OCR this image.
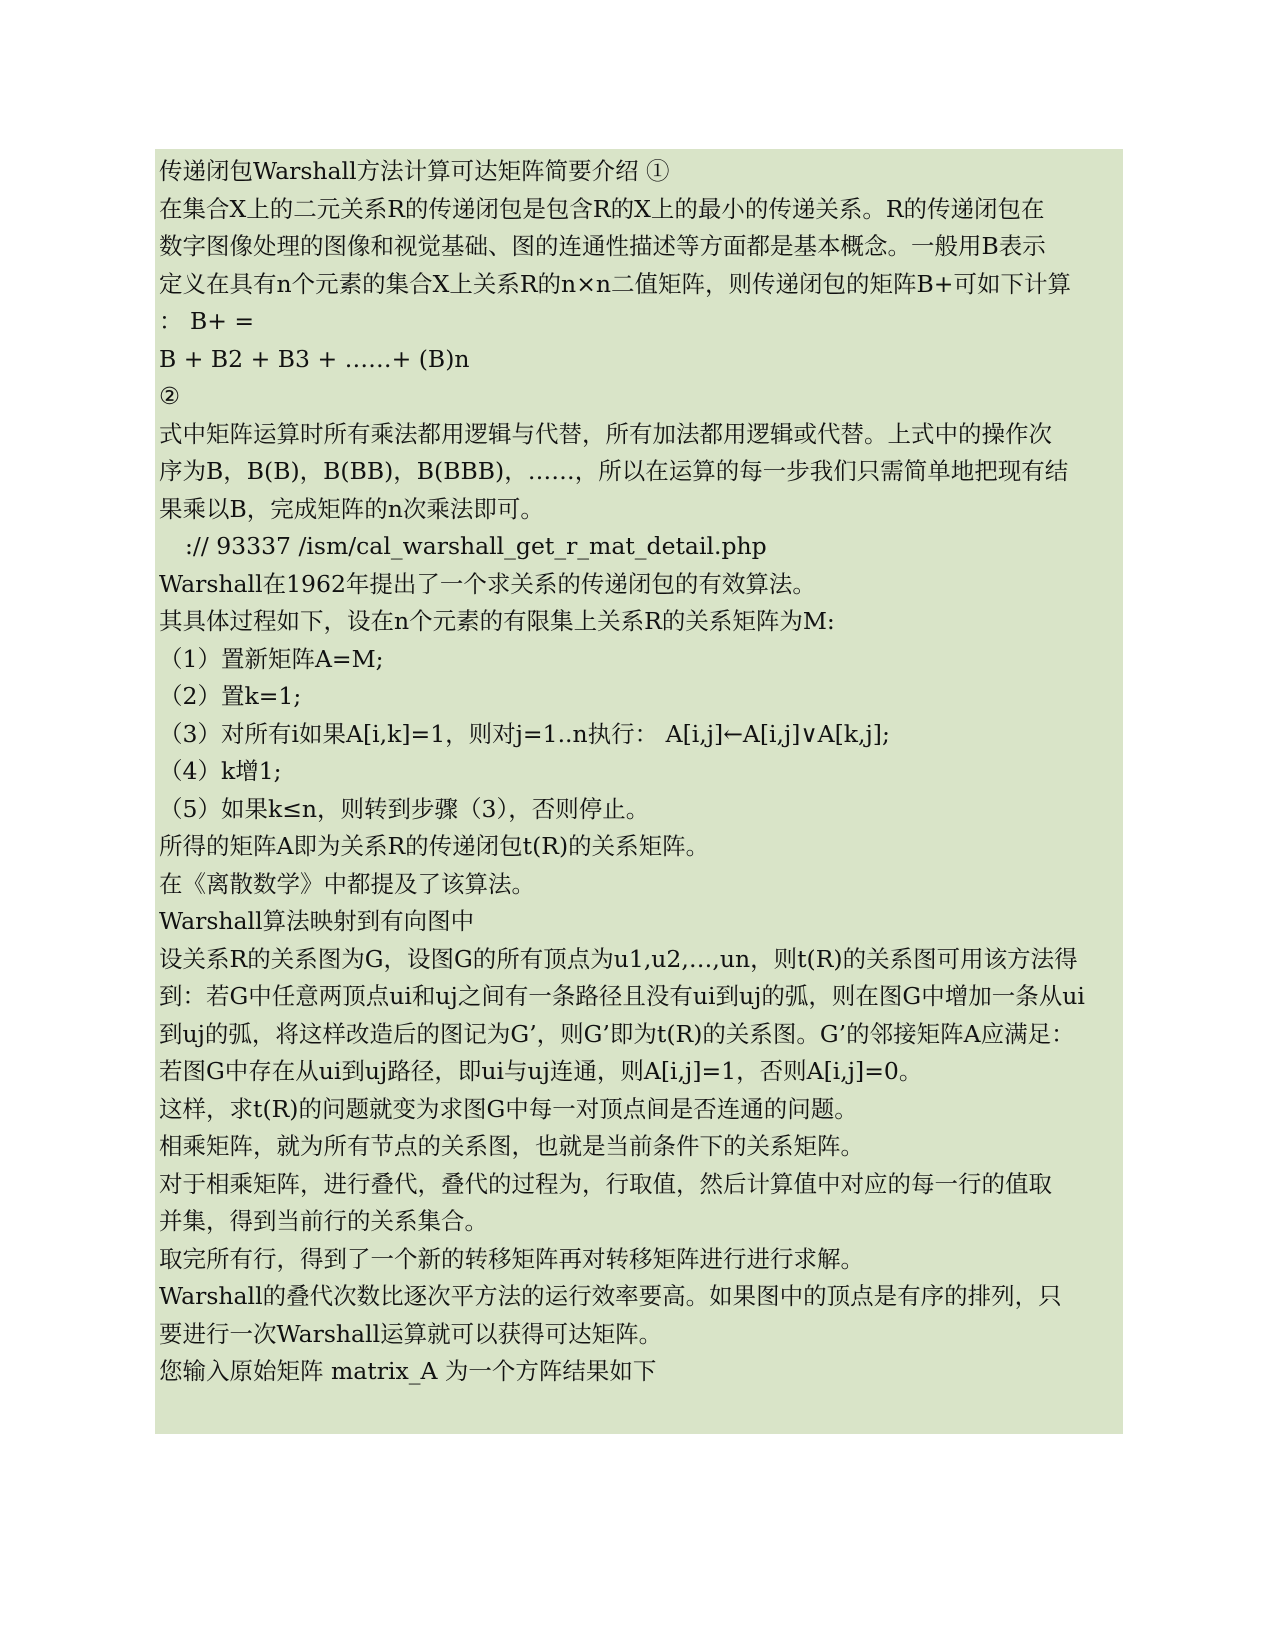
传递闭包Warshall方法计算可达矩阵简要介绍 ①
在集合X上的二元关系R的传递闭包是包含R的X上的最小的传递关系。R的传递闭包在
数字图像处理的图像和视觉基础、图的连通性描述等方面都是基本概念。一般用B表示
定义在具有n个元素的集合X上关系R的n×n二值矩阵，则传递闭包的矩阵B+可如下计算
： B+ =
B + B2 + B3 + ……+ (B)n
②
式中矩阵运算时所有乘法都用逻辑与代替，所有加法都用逻辑或代替。上式中的操作次
序为B，B(B)，B(BB)，B(BBB)，……，所以在运算的每一步我们只需简单地把现有结
果乘以B，完成矩阵的n次乘法即可。
:// 93337 /ism/cal_warshall_get_r_mat_detail.php
Warshall在1962年提出了一个求关系的传递闭包的有效算法。
其具体过程如下，设在n个元素的有限集上关系R的关系矩阵为M:
（1）置新矩阵A=M;
（2）置k=1;
（3）对所有i如果A[i,k]=1，则对j=1..n执行： A[i,j]←A[i,j]∨A[k,j];
（4）k增1;
（5）如果k≤n，则转到步骤（3），否则停止。
所得的矩阵A即为关系R的传递闭包t(R)的关系矩阵。
在《离散数学》中都提及了该算法。
Warshall算法映射到有向图中
设关系R的关系图为G，设图G的所有顶点为u1,u2,…,un，则t(R)的关系图可用该方法得
到：若G中任意两顶点ui和uj之间有一条路径且没有ui到uj的弧，则在图G中增加一条从ui
到uj的弧，将这样改造后的图记为G’，则G’即为t(R)的关系图。G’的邻接矩阵A应满足：
若图G中存在从ui到uj路径，即ui与uj连通，则A[i,j]=1，否则A[i,j]=0。
这样，求t(R)的问题就变为求图G中每一对顶点间是否连通的问题。
相乘矩阵，就为所有节点的关系图，也就是当前条件下的关系矩阵。
对于相乘矩阵，进行叠代，叠代的过程为，行取值，然后计算值中对应的每一行的值取
并集，得到当前行的关系集合。
取完所有行，得到了一个新的转移矩阵再对转移矩阵进行进行求解。
Warshall的叠代次数比逐次平方法的运行效率要高。如果图中的顶点是有序的排列，只
要进行一次Warshall运算就可以获得可达矩阵。
您输入原始矩阵 matrix_A 为一个方阵结果如下
